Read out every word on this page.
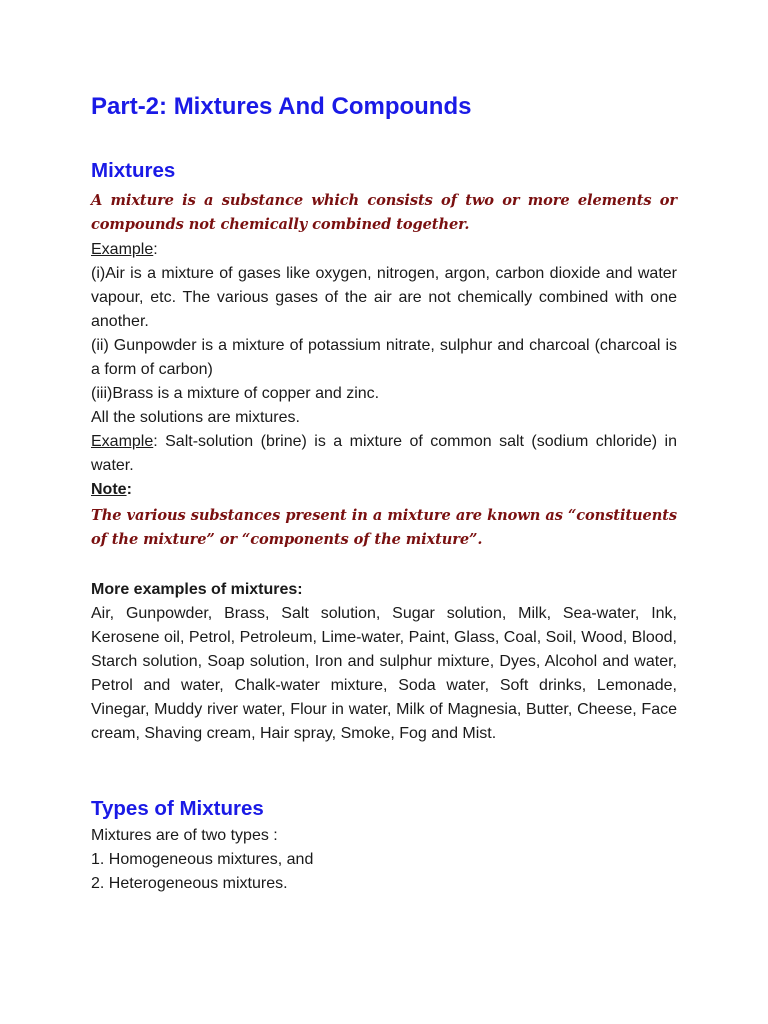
Part-2: Mixtures And Compounds
Mixtures
A mixture is a substance which consists of two or more elements or compounds not chemically combined together.
Example:
(i)Air is a mixture of gases like oxygen, nitrogen, argon, carbon dioxide and water vapour, etc. The various gases of the air are not chemically combined with one another.
(ii) Gunpowder is a mixture of potassium nitrate, sulphur and charcoal (charcoal is a form of carbon)
(iii)Brass is a mixture of copper and zinc.
All the solutions are mixtures.
Example: Salt-solution (brine) is a mixture of common salt (sodium chloride) in water.
Note:
The various substances present in a mixture are known as “constituents of the mixture” or “components of the mixture”.
More examples of mixtures:
Air, Gunpowder, Brass, Salt solution, Sugar solution, Milk, Sea-water, Ink, Kerosene oil, Petrol, Petroleum, Lime-water, Paint, Glass, Coal, Soil, Wood, Blood, Starch solution, Soap solution, Iron and sulphur mixture, Dyes, Alcohol and water, Petrol and water, Chalk-water mixture, Soda water, Soft drinks, Lemonade, Vinegar, Muddy river water, Flour in water, Milk of Magnesia, Butter, Cheese, Face cream, Shaving cream, Hair spray, Smoke, Fog and Mist.
Types of Mixtures
Mixtures are of two types :
1. Homogeneous mixtures, and
2. Heterogeneous mixtures.
